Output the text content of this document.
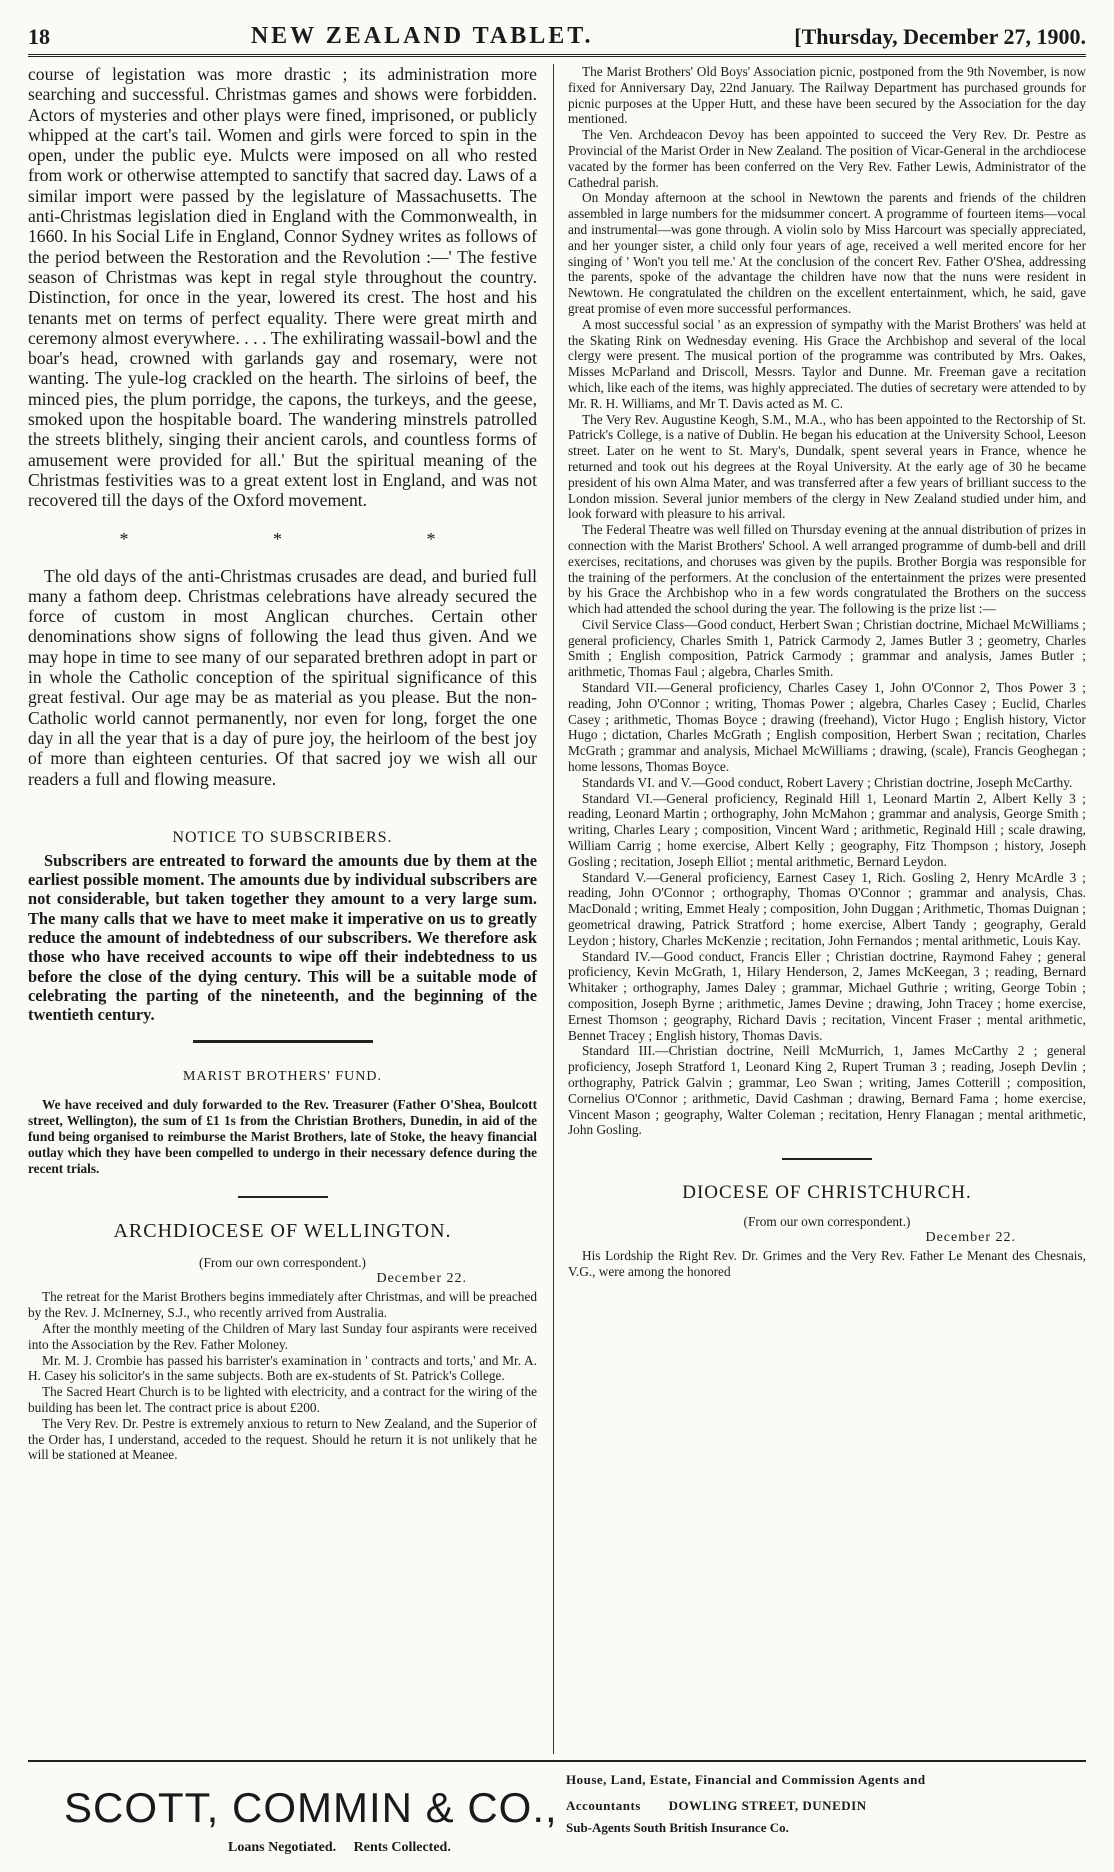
18	NEW ZEALAND TABLET.	[Thursday, December 27, 1900.

course of legistation was more drastic ; its administration more searching and successful. Christmas games and shows were forbidden. Actors of mysteries and other plays were fined, imprisoned, or publicly whipped at the cart's tail. Women and girls were forced to spin in the open, under the public eye. Mulcts were imposed on all who rested from work or otherwise attempted to sanctify that sacred day. Laws of a similar import were passed by the legislature of Massachusetts. The anti-Christmas legislation died in England with the Commonwealth, in 1660. In his Social Life in England, Connor Sydney writes as follows of the period between the Restoration and the Revolution :—' The festive season of Christmas was kept in regal style throughout the country. Distinction, for once in the year, lowered its crest. The host and his tenants met on terms of perfect equality. There were great mirth and ceremony almost everywhere. . . . The exhilirating wassail-bowl and the boar's head, crowned with garlands gay and rosemary, were not wanting. The yule-log crackled on the hearth. The sirloins of beef, the minced pies, the plum porridge, the capons, the turkeys, and the geese, smoked upon the hospitable board. The wandering minstrels patrolled the streets blithely, singing their ancient carols, and countless forms of amusement were provided for all.' But the spiritual meaning of the Christmas festivities was to a great extent lost in England, and was not recovered till the days of the Oxford movement.

* * *

The old days of the anti-Christmas crusades are dead, and buried full many a fathom deep. Christmas celebrations have already secured the force of custom in most Anglican churches. Certain other denominations show signs of following the lead thus given. And we may hope in time to see many of our separated brethren adopt in part or in whole the Catholic conception of the spiritual significance of this great festival. Our age may be as material as you please. But the non-Catholic world cannot permanently, nor even for long, forget the one day in all the year that is a day of pure joy, the heirloom of the best joy of more than eighteen centuries. Of that sacred joy we wish all our readers a full and flowing measure.

NOTICE TO SUBSCRIBERS.

Subscribers are entreated to forward the amounts due by them at the earliest possible moment. The amounts due by individual subscribers are not considerable, but taken together they amount to a very large sum. The many calls that we have to meet make it imperative on us to greatly reduce the amount of indebtedness of our subscribers. We therefore ask those who have received accounts to wipe off their indebtedness to us before the close of the dying century. This will be a suitable mode of celebrating the parting of the nineteenth, and the beginning of the twentieth century.

MARIST BROTHERS' FUND.

We have received and duly forwarded to the Rev. Treasurer (Father O'Shea, Boulcott street, Wellington), the sum of £1 1s from the Christian Brothers, Dunedin, in aid of the fund being organised to reimburse the Marist Brothers, late of Stoke, the heavy financial outlay which they have been compelled to undergo in their necessary defence during the recent trials.

ARCHDIOCESE OF WELLINGTON.
(From our own correspondent.)
December 22.

The retreat for the Marist Brothers begins immediately after Christmas, and will be preached by the Rev. J. McInerney, S.J., who recently arrived from Australia.

After the monthly meeting of the Children of Mary last Sunday four aspirants were received into the Association by the Rev. Father Moloney.

Mr. M. J. Crombie has passed his barrister's examination in ' contracts and torts,' and Mr. A. H. Casey his solicitor's in the same subjects. Both are ex-students of St. Patrick's College.

The Sacred Heart Church is to be lighted with electricity, and a contract for the wiring of the building has been let. The contract price is about £200.

The Very Rev. Dr. Pestre is extremely anxious to return to New Zealand, and the Superior of the Order has, I understand, acceded to the request. Should he return it is not unlikely that he will be stationed at Meanee.

The Marist Brothers' Old Boys' Association picnic, postponed from the 9th November, is now fixed for Anniversary Day, 22nd January. The Railway Department has purchased grounds for picnic purposes at the Upper Hutt, and these have been secured by the Association for the day mentioned.

The Ven. Archdeacon Devoy has been appointed to succeed the Very Rev. Dr. Pestre as Provincial of the Marist Order in New Zealand. The position of Vicar-General in the archdiocese vacated by the former has been conferred on the Very Rev. Father Lewis, Administrator of the Cathedral parish.

On Monday afternoon at the school in Newtown the parents and friends of the children assembled in large numbers for the midsummer concert. A programme of fourteen items—vocal and instrumental—was gone through. A violin solo by Miss Harcourt was specially appreciated, and her younger sister, a child only four years of age, received a well merited encore for her singing of ' Won't you tell me.' At the conclusion of the concert Rev. Father O'Shea, addressing the parents, spoke of the advantage the children have now that the nuns were resident in Newtown. He congratulated the children on the excellent entertainment, which, he said, gave great promise of even more successful performances.

A most successful social ' as an expression of sympathy with the Marist Brothers' was held at the Skating Rink on Wednesday evening. His Grace the Archbishop and several of the local clergy were present. The musical portion of the programme was contributed by Mrs. Oakes, Misses McParland and Driscoll, Messrs. Taylor and Dunne. Mr. Freeman gave a recitation which, like each of the items, was highly appreciated. The duties of secretary were attended to by Mr. R. H. Williams, and Mr T. Davis acted as M. C.

The Very Rev. Augustine Keogh, S.M., M.A., who has been appointed to the Rectorship of St. Patrick's College, is a native of Dublin. He began his education at the University School, Leeson street. Later on he went to St. Mary's, Dundalk, spent several years in France, whence he returned and took out his degrees at the Royal University. At the early age of 30 he became president of his own Alma Mater, and was transferred after a few years of brilliant success to the London mission. Several junior members of the clergy in New Zealand studied under him, and look forward with pleasure to his arrival.

The Federal Theatre was well filled on Thursday evening at the annual distribution of prizes in connection with the Marist Brothers' School. A well arranged programme of dumb-bell and drill exercises, recitations, and choruses was given by the pupils. Brother Borgia was responsible for the training of the performers. At the conclusion of the entertainment the prizes were presented by his Grace the Archbishop who in a few words congratulated the Brothers on the success which had attended the school during the year. The following is the prize list :—

Civil Service Class—Good conduct, Herbert Swan ; Christian doctrine, Michael McWilliams ; general proficiency, Charles Smith 1, Patrick Carmody 2, James Butler 3 ; geometry, Charles Smith ; English composition, Patrick Carmody ; grammar and analysis, James Butler ; arithmetic, Thomas Faul ; algebra, Charles Smith.

Standard VII.—General proficiency, Charles Casey 1, John O'Connor 2, Thos Power 3 ; reading, John O'Connor ; writing, Thomas Power ; algebra, Charles Casey ; Euclid, Charles Casey ; arithmetic, Thomas Boyce ; drawing (freehand), Victor Hugo ; English history, Victor Hugo ; dictation, Charles McGrath ; English composition, Herbert Swan ; recitation, Charles McGrath ; grammar and analysis, Michael McWilliams ; drawing, (scale), Francis Geoghegan ; home lessons, Thomas Boyce.

Standards VI. and V.—Good conduct, Robert Lavery ; Christian doctrine, Joseph McCarthy.

Standard VI.—General proficiency, Reginald Hill 1, Leonard Martin 2, Albert Kelly 3 ; reading, Leonard Martin ; orthography, John McMahon ; grammar and analysis, George Smith ; writing, Charles Leary ; composition, Vincent Ward ; arithmetic, Reginald Hill ; scale drawing, William Carrig ; home exercise, Albert Kelly ; geography, Fitz Thompson ; history, Joseph Gosling ; recitation, Joseph Elliot ; mental arithmetic, Bernard Leydon.

Standard V.—General proficiency, Earnest Casey 1, Rich. Gosling 2, Henry McArdle 3 ; reading, John O'Connor ; orthography, Thomas O'Connor ; grammar and analysis, Chas. MacDonald ; writing, Emmet Healy ; composition, John Duggan ; Arithmetic, Thomas Duignan ; geometrical drawing, Patrick Stratford ; home exercise, Albert Tandy ; geography, Gerald Leydon ; history, Charles McKenzie ; recitation, John Fernandos ; mental arithmetic, Louis Kay.

Standard IV.—Good conduct, Francis Eller ; Christian doctrine, Raymond Fahey ; general proficiency, Kevin McGrath, 1, Hilary Henderson, 2, James McKeegan, 3 ; reading, Bernard Whitaker ; orthography, James Daley ; grammar, Michael Guthrie ; writing, George Tobin ; composition, Joseph Byrne ; arithmetic, James Devine ; drawing, John Tracey ; home exercise, Ernest Thomson ; geography, Richard Davis ; recitation, Vincent Fraser ; mental arithmetic, Bennet Tracey ; English history, Thomas Davis.

Standard III.—Christian doctrine, Neill McMurrich, 1, James McCarthy 2 ; general proficiency, Joseph Stratford 1, Leonard King 2, Rupert Truman 3 ; reading, Joseph Devlin ; orthography, Patrick Galvin ; grammar, Leo Swan ; writing, James Cotterill ; composition, Cornelius O'Connor ; arithmetic, David Cashman ; drawing, Bernard Fama ; home exercise, Vincent Mason ; geography, Walter Coleman ; recitation, Henry Flanagan ; mental arithmetic, John Gosling.

DIOCESE OF CHRISTCHURCH.
(From our own correspondent.)
December 22.

His Lordship the Right Rev. Dr. Grimes and the Very Rev. Father Le Menant des Chesnais, V.G., were among the honored

SCOTT, COMMIN & CO.,
Loans Negotiated. Rents Collected.
House, Land, Estate, Financial and Commission Agents and
Accountants DOWLING STREET, DUNEDIN
Sub-Agents South British Insurance Co.
